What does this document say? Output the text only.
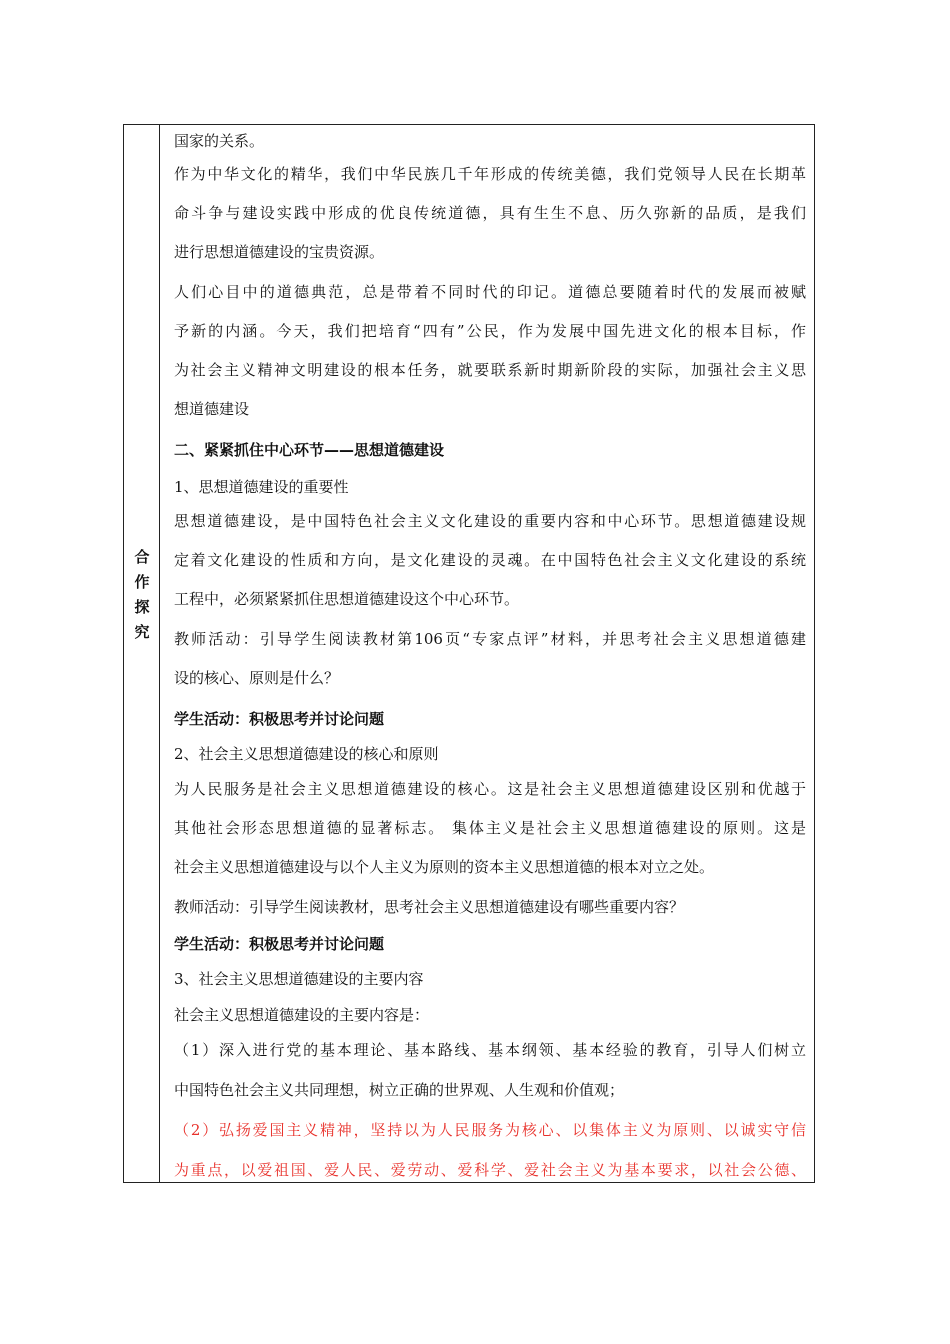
合
作
探
究
国家的关系。
作为中华文化的精华，我们中华民族几千年形成的传统美德，我们党领导人民在长期革
命斗争与建设实践中形成的优良传统道德，具有生生不息、历久弥新的品质，是我们
进行思想道德建设的宝贵资源。
人们心目中的道德典范，总是带着不同时代的印记。道德总要随着时代的发展而被赋
予新的内涵。今天，我们把培育“四有”公民，作为发展中国先进文化的根本目标，作
为社会主义精神文明建设的根本任务，就要联系新时期新阶段的实际，加强社会主义思
想道德建设
二、紧紧抓住中心环节——思想道德建设
1、思想道德建设的重要性
思想道德建设，是中国特色社会主义文化建设的重要内容和中心环节。思想道德建设规
定着文化建设的性质和方向，是文化建设的灵魂。在中国特色社会主义文化建设的系统
工程中，必须紧紧抓住思想道德建设这个中心环节。
教师活动：引导学生阅读教材第106页“专家点评”材料，并思考社会主义思想道德建
设的核心、原则是什么？
学生活动：积极思考并讨论问题
2、社会主义思想道德建设的核心和原则
为人民服务是社会主义思想道德建设的核心。这是社会主义思想道德建设区别和优越于
其他社会形态思想道德的显著标志。 集体主义是社会主义思想道德建设的原则。这是
社会主义思想道德建设与以个人主义为原则的资本主义思想道德的根本对立之处。
教师活动：引导学生阅读教材，思考社会主义思想道德建设有哪些重要内容？
学生活动：积极思考并讨论问题
3、社会主义思想道德建设的主要内容
社会主义思想道德建设的主要内容是：
（1）深入进行党的基本理论、基本路线、基本纲领、基本经验的教育，引导人们树立
中国特色社会主义共同理想，树立正确的世界观、人生观和价值观；
（2）弘扬爱国主义精神，坚持以为人民服务为核心、以集体主义为原则、以诚实守信
为重点，以爱祖国、爱人民、爱劳动、爱科学、爱社会主义为基本要求，以社会公德、
